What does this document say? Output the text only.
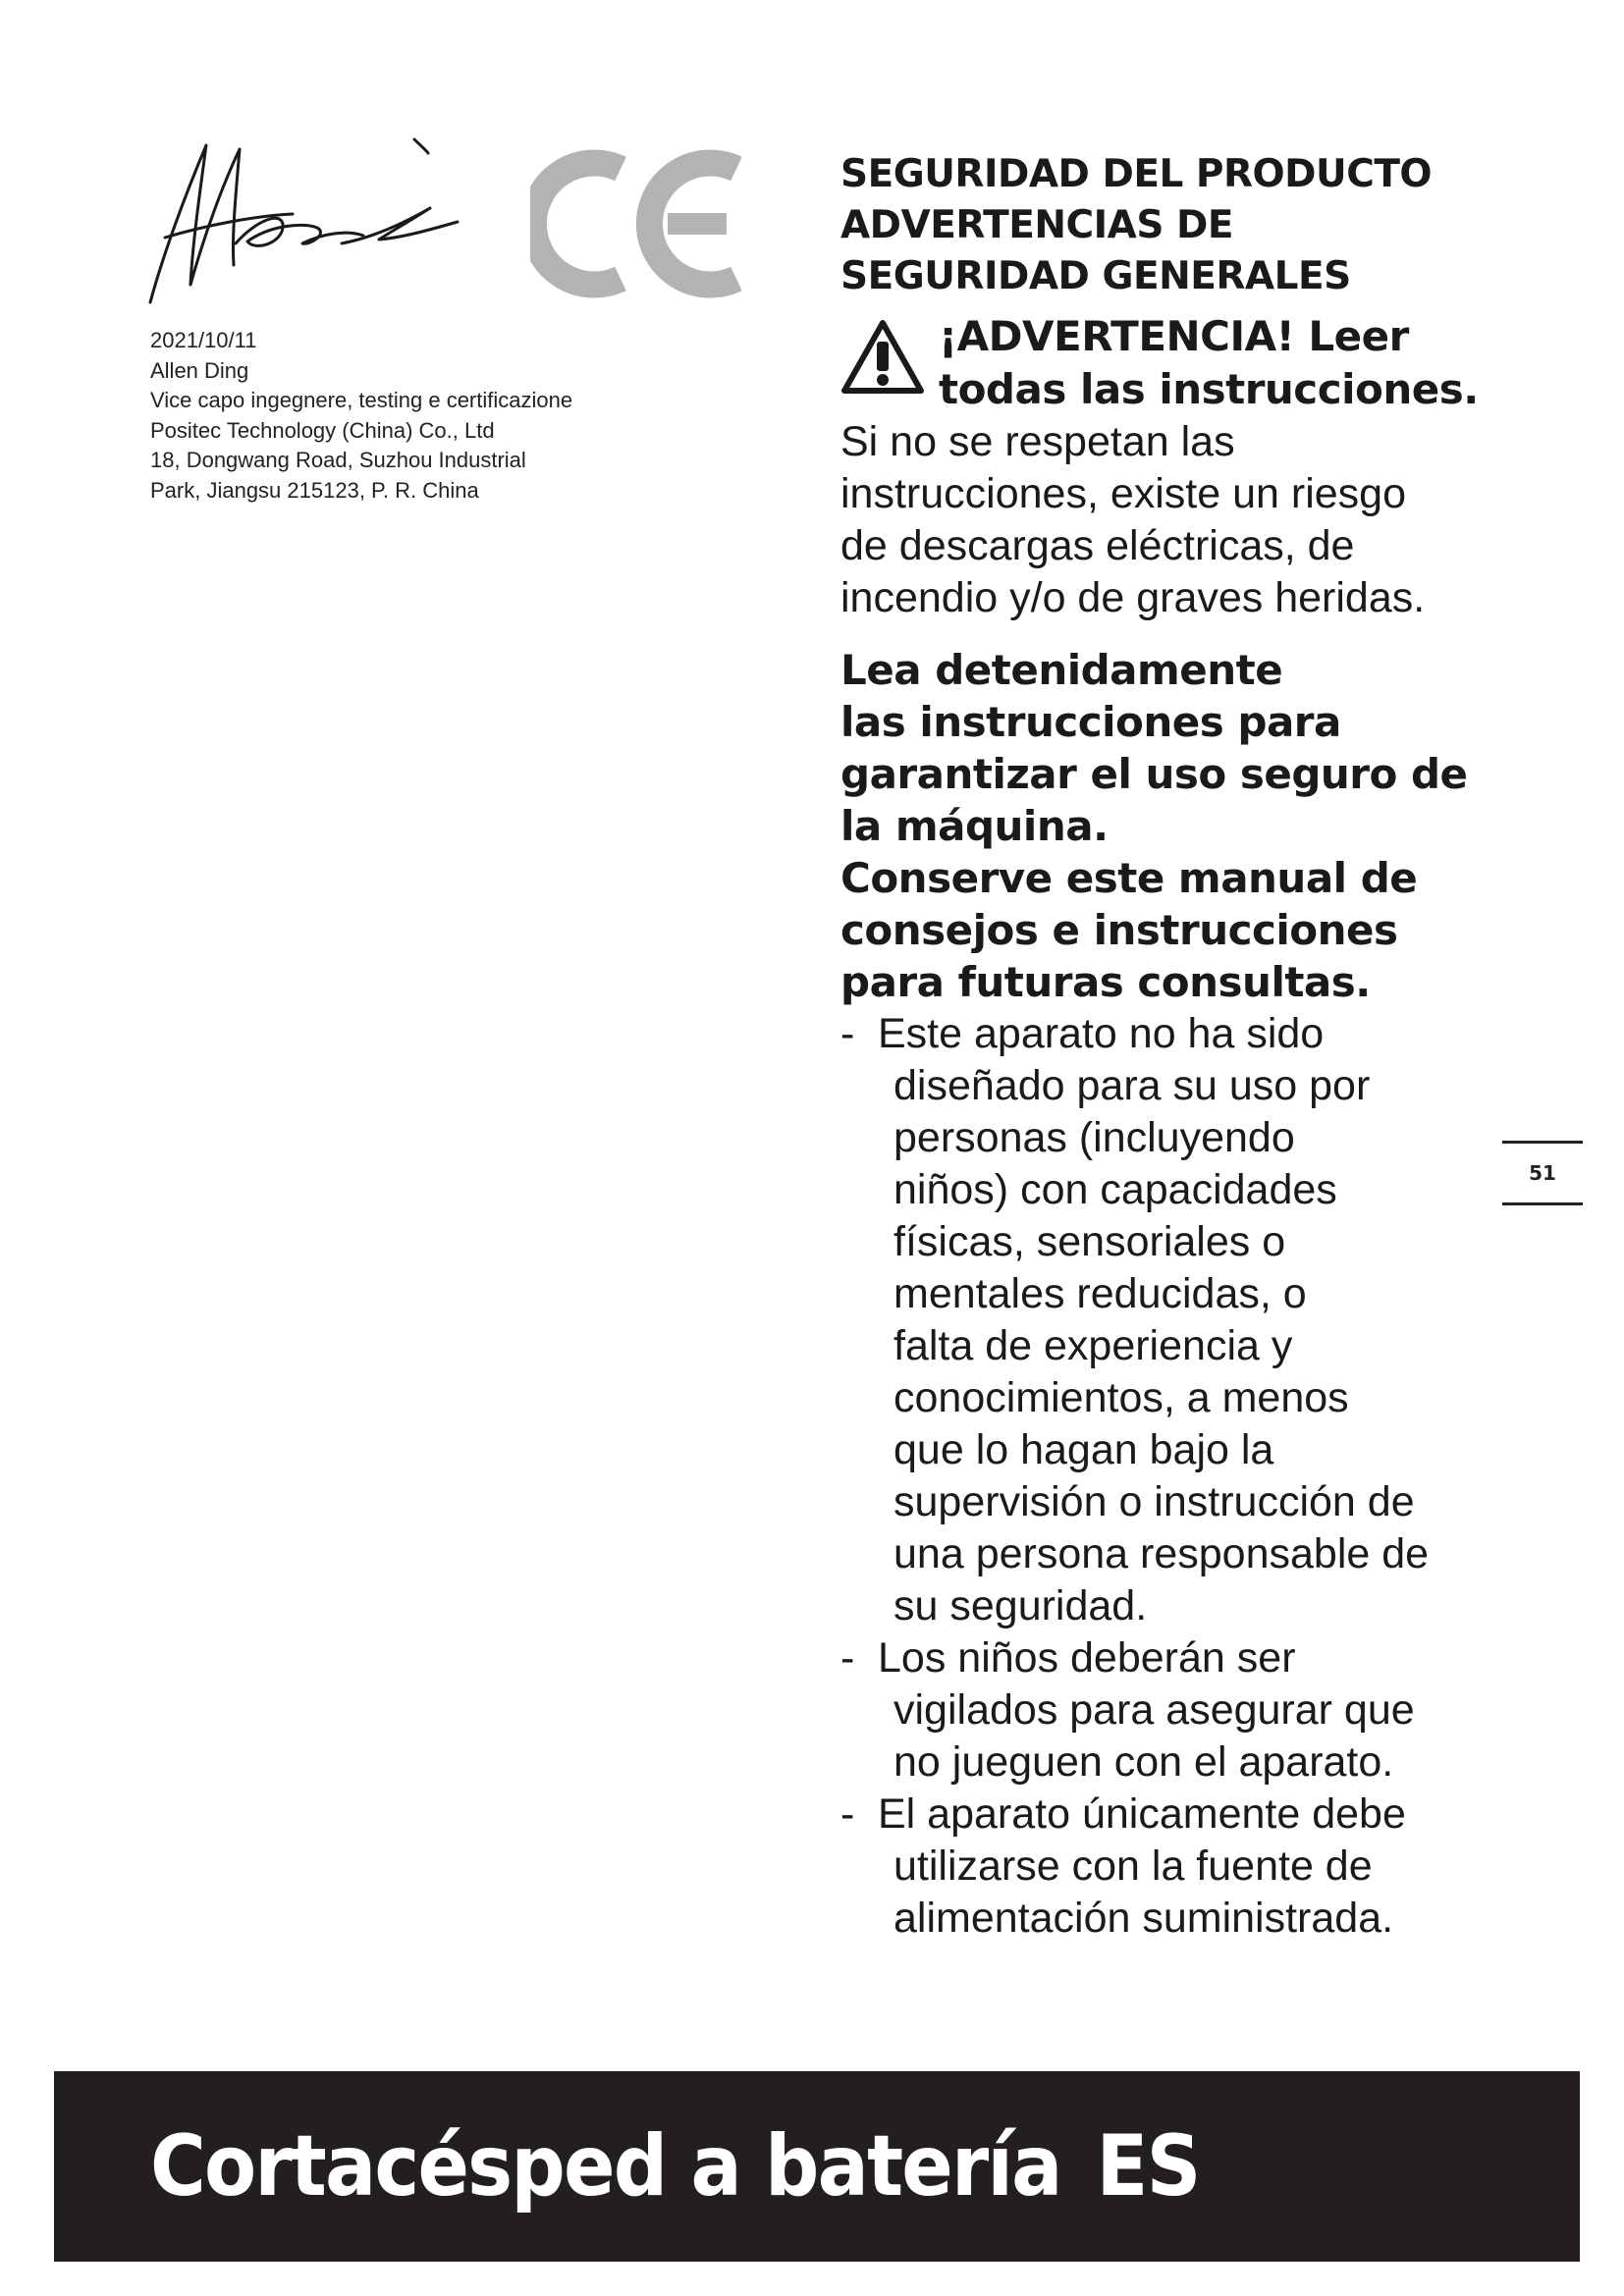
2021/10/11
Allen Ding
Vice capo ingegnere, testing e certificazione
Positec Technology (China) Co., Ltd
18, Dongwang Road, Suzhou Industrial
Park, Jiangsu 215123, P. R. China
SEGURIDAD DEL PRODUCTO
ADVERTENCIAS DE
SEGURIDAD GENERALES
¡ADVERTENCIA! Leer
todas las instrucciones.
Si no se respetan las
instrucciones, existe un riesgo
de descargas eléctricas, de
incendio y/o de graves heridas.
Lea detenidamente
las instrucciones para
garantizar el uso seguro de
la máquina.
Conserve este manual de
consejos e instrucciones
para futuras consultas.
- Este aparato no ha sido
diseñado para su uso por
personas (incluyendo
niños) con capacidades
físicas, sensoriales o
mentales reducidas, o
falta de experiencia y
conocimientos, a menos
que lo hagan bajo la
supervisión o instrucción de
una persona responsable de
su seguridad.
- Los niños deberán ser
vigilados para asegurar que
no jueguen con el aparato.
- El aparato únicamente debe
utilizarse con la fuente de
alimentación suministrada.
51
Cortacésped a batería ES
